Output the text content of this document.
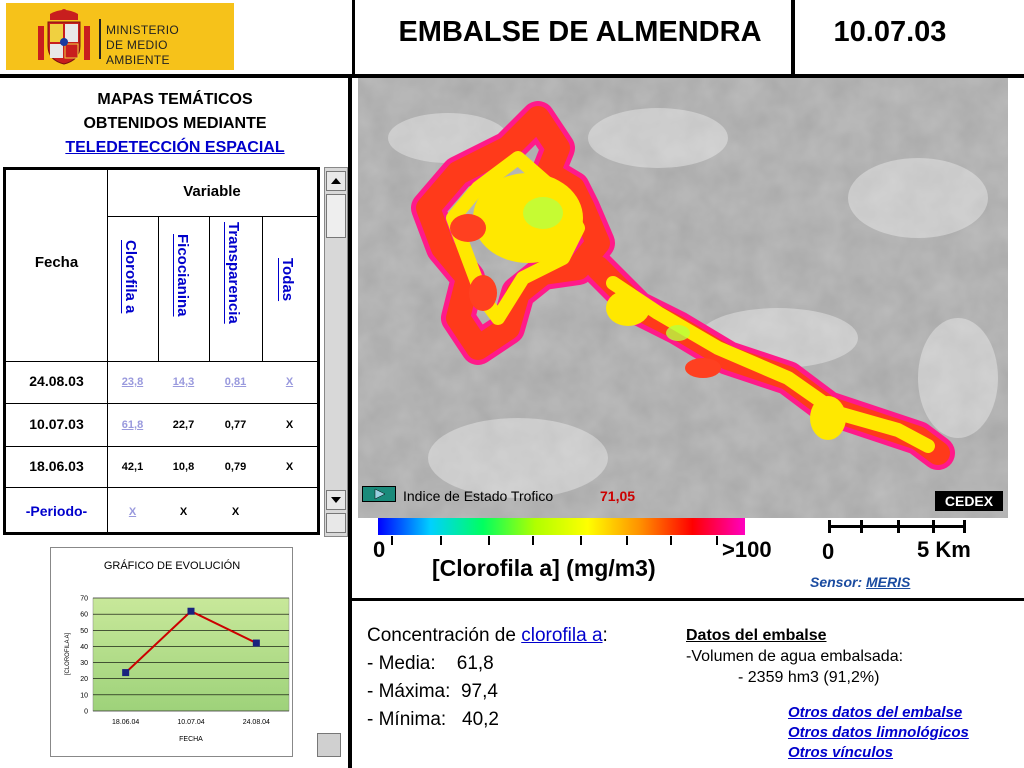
MINISTERIO
DE MEDIO AMBIENTE
EMBALSE DE ALMENDRA	10.07.03
MAPAS TEMÁTICOS
OBTENIDOS MEDIANTE
TELEDETECCIÓN ESPACIAL
Fecha
Variable
Clorofila a Ficocianina Transparencia Todas
24.08.03	23,8	14,3	0,81	X
10.07.03	61,8	22,7	0,77	X
18.06.03	42,1	10,8	0,79	X
-Periodo-	X	X	X
GRÁFICO DE EVOLUCIÓN
0
10
20
30
40
50
60
70
18.06.04	10.07.04	24.08.04
[CLOROFILA A]
FECHA
CEDEX
Indice de Estado Trofico	71,05
0	>100
[Clorofila a] (mg/m3)
0	5 Km
Sensor: MERIS
Concentración de clorofila a:
- Media:    61,8
- Máxima:  97,4
- Mínima:   40,2
Datos del embalse
-Volumen de agua embalsada:
- 2359 hm3 (91,2%)
Otros datos del embalse
Otros datos limnológicos
Otros vínculos
